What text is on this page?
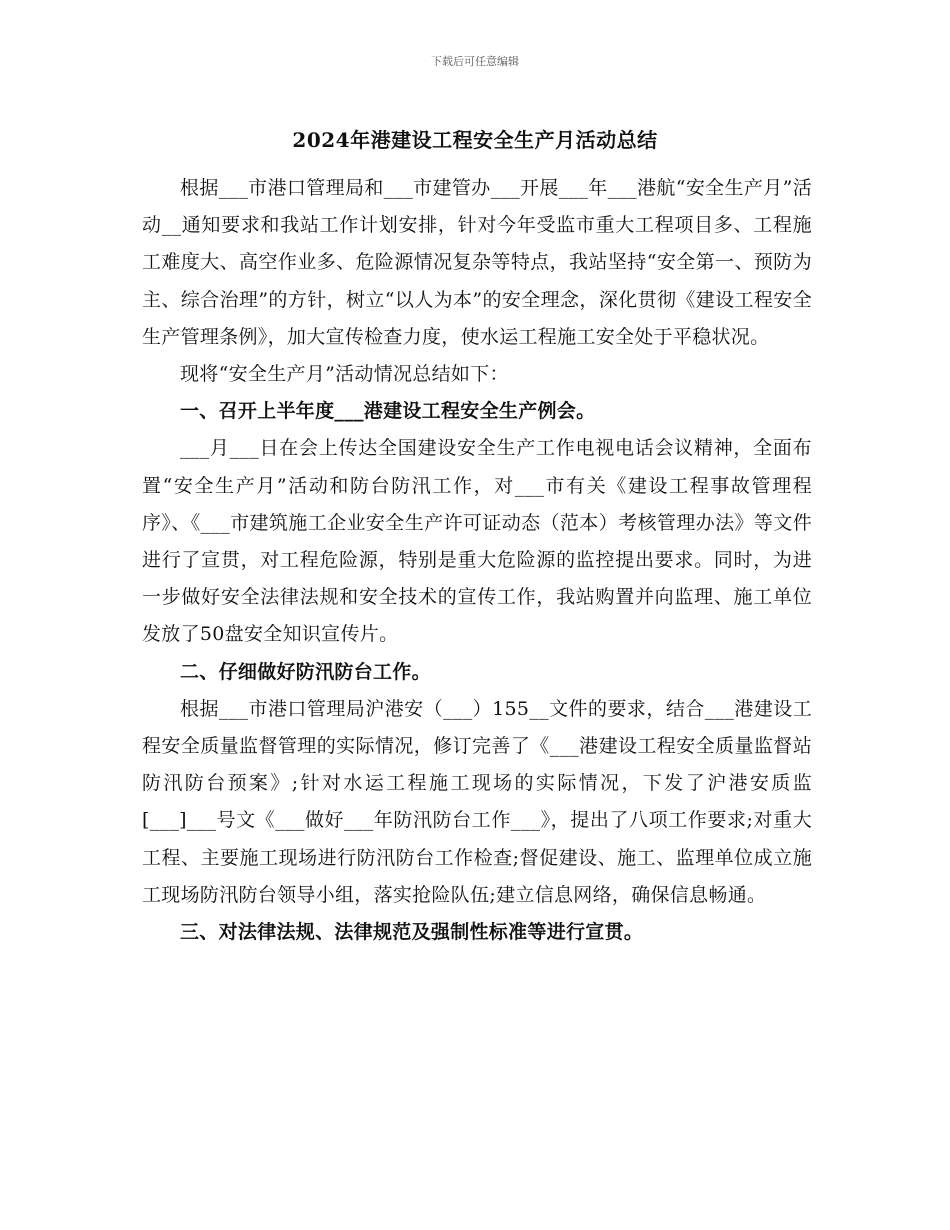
下载后可任意编辑
2024年港建设工程安全生产月活动总结

根据___市港口管理局和___市建管办___开展___年___港航“安全生产月”活动__通知要求和我站工作计划安排，针对今年受监市重大工程项目多、工程施工难度大、高空作业多、危险源情况复杂等特点，我站坚持“安全第一、预防为主、综合治理”的方针，树立“以人为本”的安全理念，深化贯彻《建设工程安全生产管理条例》，加大宣传检查力度，使水运工程施工安全处于平稳状况。

现将“安全生产月”活动情况总结如下：

一、召开上半年度___港建设工程安全生产例会。

___月___日在会上传达全国建设安全生产工作电视电话会议精神，全面布置“安全生产月”活动和防台防汛工作，对___市有关《建设工程事故管理程序》、《___市建筑施工企业安全生产许可证动态（范本）考核管理办法》等文件进行了宣贯，对工程危险源，特别是重大危险源的监控提出要求。同时，为进一步做好安全法律法规和安全技术的宣传工作，我站购置并向监理、施工单位发放了50盘安全知识宣传片。

二、仔细做好防汛防台工作。

根据___市港口管理局沪港安（___）155__文件的要求，结合___港建设工程安全质量监督管理的实际情况，修订完善了《___港建设工程安全质量监督站防汛防台预案》;针对水运工程施工现场的实际情况，下发了沪港安质监[___]___号文《___做好___年防汛防台工作___》，提出了八项工作要求;对重大工程、主要施工现场进行防汛防台工作检查;督促建设、施工、监理单位成立施工现场防汛防台领导小组，落实抢险队伍;建立信息网络，确保信息畅通。

三、对法律法规、法律规范及强制性标准等进行宣贯。
